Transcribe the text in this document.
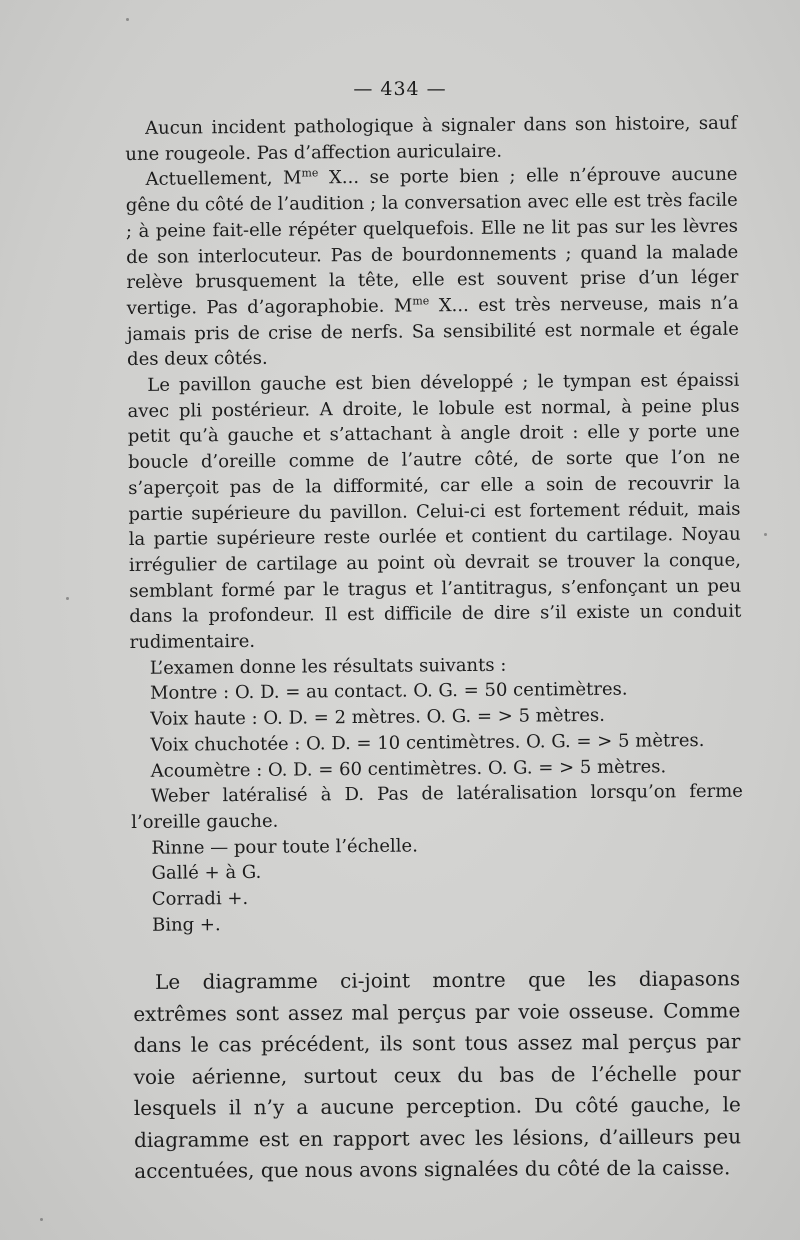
— 434 —

Aucun incident pathologique à signaler dans son histoire, sauf une rougeole. Pas d’affection auriculaire.

Actuellement, $M^{me}$ X... se porte bien ; elle n’éprouve aucune gêne du côté de l’audition ; la conversation avec elle est très facile ; à peine fait-elle répéter quelquefois. Elle ne lit pas sur les lèvres de son interlocuteur. Pas de bourdonnements ; quand la malade relève brusquement la tête, elle est souvent prise d’un léger vertige. Pas d’agoraphobie. $M^{me}$ X... est très nerveuse, mais n’a jamais pris de crise de nerfs. Sa sensibilité est normale et égale des deux côtés.

Le pavillon gauche est bien développé ; le tympan est épaissi avec pli postérieur. A droite, le lobule est normal, à peine plus petit qu’à gauche et s’attachant à angle droit : elle y porte une boucle d’oreille comme de l’autre côté, de sorte que l’on ne s’aperçoit pas de la difformité, car elle a soin de recouvrir la partie supérieure du pavillon. Celui-ci est fortement réduit, mais la partie supérieure reste ourlée et contient du cartilage. Noyau irrégulier de cartilage au point où devrait se trouver la conque, semblant formé par le tragus et l’antitragus, s’enfonçant un peu dans la profondeur. Il est difficile de dire s’il existe un conduit rudimentaire.

L’examen donne les résultats suivants :

Montre : O. D. = au contact. O. G. = 50 centimètres.

Voix haute : O. D. = 2 mètres. O. G. = > 5 mètres.

Voix chuchotée : O. D. = 10 centimètres. O. G. = > 5 mètres.

Acoumètre : O. D. = 60 centimètres. O. G. = > 5 mètres.

Weber latéralisé à D. Pas de latéralisation lorsqu’on ferme l’oreille gauche.

Rinne — pour toute l’échelle.

Gallé + à G.

Corradi +.

Bing +.

Le diagramme ci-joint montre que les diapasons extrêmes sont assez mal perçus par voie osseuse. Comme dans le cas précédent, ils sont tous assez mal perçus par voie aérienne, surtout ceux du bas de l’échelle pour lesquels il n’y a aucune perception. Du côté gauche, le diagramme est en rapport avec les lésions, d’ailleurs peu accentuées, que nous avons signalées du côté de la caisse.
